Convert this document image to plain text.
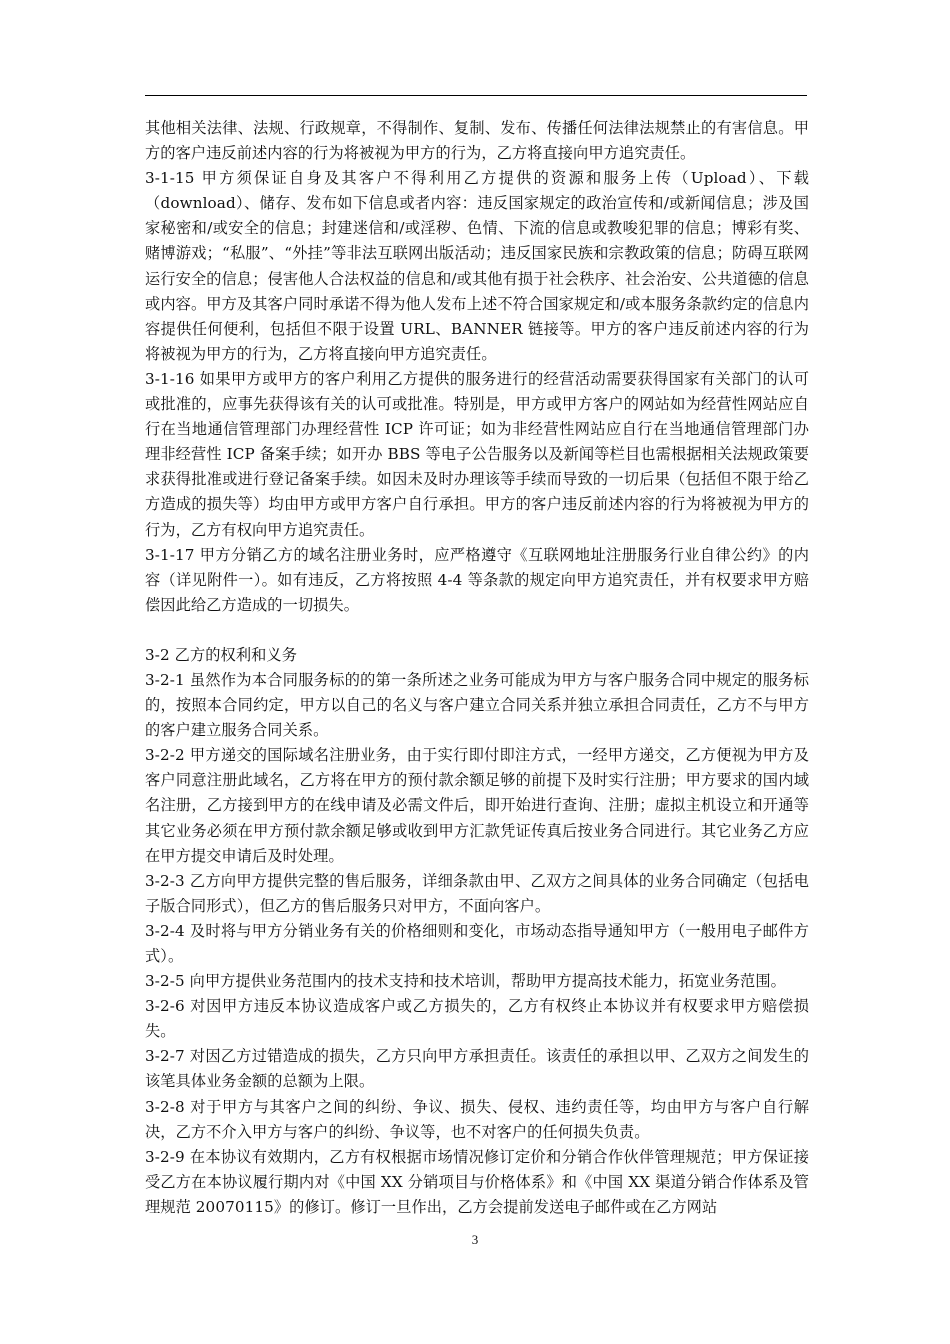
其他相关法律、法规、行政规章，不得制作、复制、发布、传播任何法律法规禁止的有害信息。甲方的客户违反前述内容的行为将被视为甲方的行为，乙方将直接向甲方追究责任。

3-1-15 甲方须保证自身及其客户不得利用乙方提供的资源和服务上传（Upload）、下载（download）、储存、发布如下信息或者内容：违反国家规定的政治宣传和/或新闻信息；涉及国家秘密和/或安全的信息；封建迷信和/或淫秽、色情、下流的信息或教唆犯罪的信息；博彩有奖、赌博游戏；“私服”、“外挂”等非法互联网出版活动；违反国家民族和宗教政策的信息；防碍互联网运行安全的信息；侵害他人合法权益的信息和/或其他有损于社会秩序、社会治安、公共道德的信息或内容。甲方及其客户同时承诺不得为他人发布上述不符合国家规定和/或本服务条款约定的信息内容提供任何便利，包括但不限于设置 URL、BANNER 链接等。甲方的客户违反前述内容的行为将被视为甲方的行为，乙方将直接向甲方追究责任。

3-1-16 如果甲方或甲方的客户利用乙方提供的服务进行的经营活动需要获得国家有关部门的认可或批准的，应事先获得该有关的认可或批准。特别是，甲方或甲方客户的网站如为经营性网站应自行在当地通信管理部门办理经营性 ICP 许可证；如为非经营性网站应自行在当地通信管理部门办理非经营性 ICP 备案手续；如开办 BBS 等电子公告服务以及新闻等栏目也需根据相关法规政策要求获得批准或进行登记备案手续。如因未及时办理该等手续而导致的一切后果（包括但不限于给乙方造成的损失等）均由甲方或甲方客户自行承担。甲方的客户违反前述内容的行为将被视为甲方的行为，乙方有权向甲方追究责任。

3-1-17 甲方分销乙方的域名注册业务时，应严格遵守《互联网地址注册服务行业自律公约》的内容（详见附件一）。如有违反，乙方将按照 4-4 等条款的规定向甲方追究责任，并有权要求甲方赔偿因此给乙方造成的一切损失。

3-2 乙方的权利和义务

3-2-1 虽然作为本合同服务标的的第一条所述之业务可能成为甲方与客户服务合同中规定的服务标的，按照本合同约定，甲方以自己的名义与客户建立合同关系并独立承担合同责任，乙方不与甲方的客户建立服务合同关系。

3-2-2 甲方递交的国际域名注册业务，由于实行即付即注方式，一经甲方递交，乙方便视为甲方及客户同意注册此域名，乙方将在甲方的预付款余额足够的前提下及时实行注册；甲方要求的国内域名注册，乙方接到甲方的在线申请及必需文件后，即开始进行查询、注册；虚拟主机设立和开通等其它业务必须在甲方预付款余额足够或收到甲方汇款凭证传真后按业务合同进行。其它业务乙方应在甲方提交申请后及时处理。

3-2-3 乙方向甲方提供完整的售后服务，详细条款由甲、乙双方之间具体的业务合同确定（包括电子版合同形式），但乙方的售后服务只对甲方，不面向客户。

3-2-4 及时将与甲方分销业务有关的价格细则和变化，市场动态指导通知甲方（一般用电子邮件方式）。

3-2-5 向甲方提供业务范围内的技术支持和技术培训，帮助甲方提高技术能力，拓宽业务范围。

3-2-6 对因甲方违反本协议造成客户或乙方损失的，乙方有权终止本协议并有权要求甲方赔偿损失。

3-2-7 对因乙方过错造成的损失，乙方只向甲方承担责任。该责任的承担以甲、乙双方之间发生的该笔具体业务金额的总额为上限。

3-2-8 对于甲方与其客户之间的纠纷、争议、损失、侵权、违约责任等，均由甲方与客户自行解决，乙方不介入甲方与客户的纠纷、争议等，也不对客户的任何损失负责。

3-2-9 在本协议有效期内，乙方有权根据市场情况修订定价和分销合作伙伴管理规范；甲方保证接受乙方在本协议履行期内对《中国 XX 分销项目与价格体系》和《中国 XX 渠道分销合作体系及管理规范 20070115》的修订。修订一旦作出，乙方会提前发送电子邮件或在乙方网站

3
